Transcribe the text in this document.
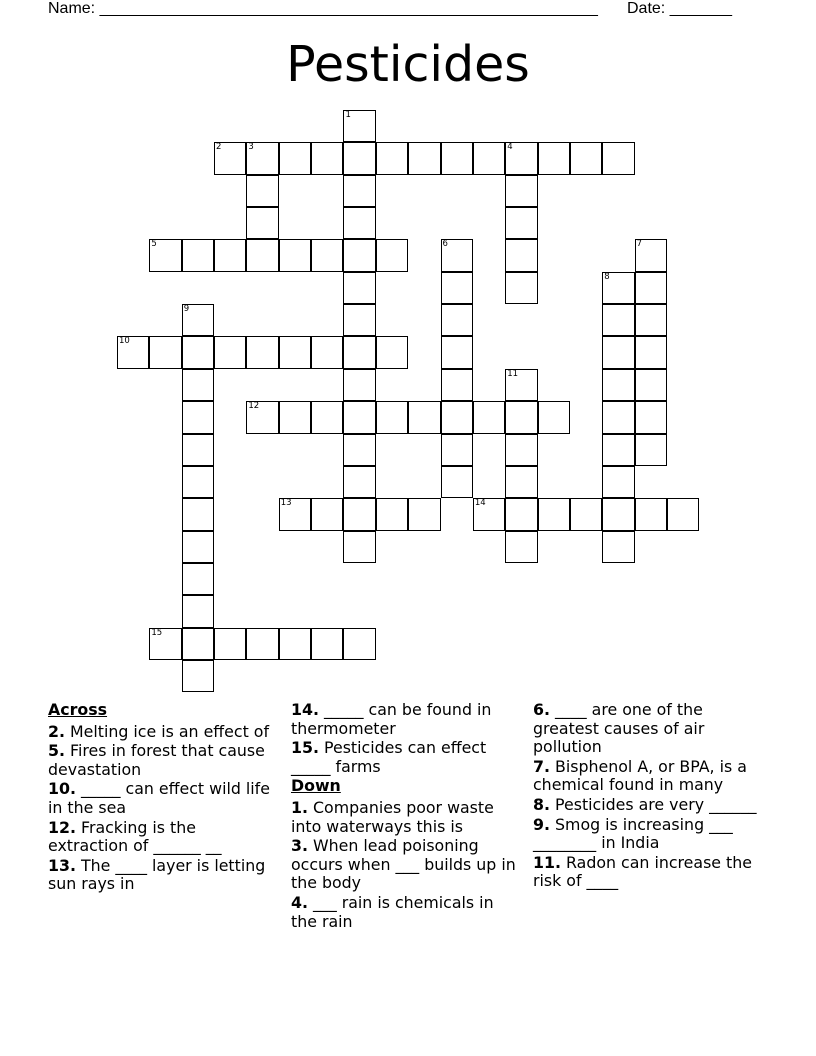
Name: ________________________________________________________ Date: _______
Pesticides
2	3	4
5
10
12
13	14
15
1
6	7
8
9
11
Across
2. Melting ice is an effect of
5. Fires in forest that cause devastation
10. _____ can effect wild life in the sea
12. Fracking is the extraction of ______ __
13. The ____ layer is letting sun rays in
14. _____ can be found in thermometer
15. Pesticides can effect _____ farms
Down
1. Companies poor waste into waterways this is
3. When lead poisoning occurs when ___ builds up in the body
4. ___ rain is chemicals in the rain
6. ____ are one of the greatest causes of air pollution
7. Bisphenol A, or BPA, is a chemical found in many
8. Pesticides are very ______
9. Smog is increasing ___ ________ in India
11. Radon can increase the risk of ____
